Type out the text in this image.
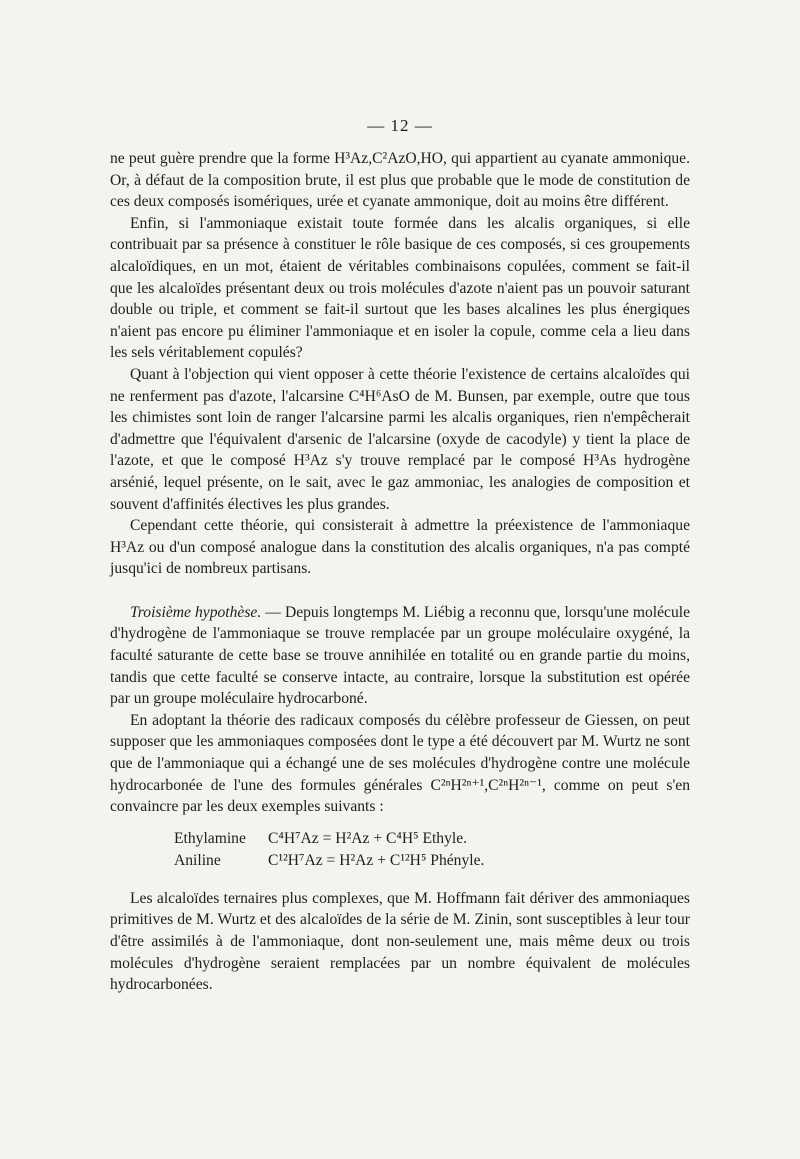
— 12 —

ne peut guère prendre que la forme H³Az,C²AzO,HO, qui appartient au cyanate ammonique. Or, à défaut de la composition brute, il est plus que probable que le mode de constitution de ces deux composés isomériques, urée et cyanate ammonique, doit au moins être différent.

Enfin, si l'ammoniaque existait toute formée dans les alcalis organiques, si elle contribuait par sa présence à constituer le rôle basique de ces composés, si ces groupements alcaloïdiques, en un mot, étaient de véritables combinaisons copulées, comment se fait-il que les alcaloïdes présentant deux ou trois molécules d'azote n'aient pas un pouvoir saturant double ou triple, et comment se fait-il surtout que les bases alcalines les plus énergiques n'aient pas encore pu éliminer l'ammoniaque et en isoler la copule, comme cela a lieu dans les sels véritablement copulés?

Quant à l'objection qui vient opposer à cette théorie l'existence de certains alcaloïdes qui ne renferment pas d'azote, l'alcarsine C⁴H⁶AsO de M. Bunsen, par exemple, outre que tous les chimistes sont loin de ranger l'alcarsine parmi les alcalis organiques, rien n'empêcherait d'admettre que l'équivalent d'arsenic de l'alcarsine (oxyde de cacodyle) y tient la place de l'azote, et que le composé H³Az s'y trouve remplacé par le composé H³As hydrogène arsénié, lequel présente, on le sait, avec le gaz ammoniac, les analogies de composition et souvent d'affinités électives les plus grandes.

Cependant cette théorie, qui consisterait à admettre la préexistence de l'ammoniaque H³Az ou d'un composé analogue dans la constitution des alcalis organiques, n'a pas compté jusqu'ici de nombreux partisans.

Troisième hypothèse. — Depuis longtemps M. Liébig a reconnu que, lorsqu'une molécule d'hydrogène de l'ammoniaque se trouve remplacée par un groupe moléculaire oxygéné, la faculté saturante de cette base se trouve annihilée en totalité ou en grande partie du moins, tandis que cette faculté se conserve intacte, au contraire, lorsque la substitution est opérée par un groupe moléculaire hydrocarboné.

En adoptant la théorie des radicaux composés du célèbre professeur de Giessen, on peut supposer que les ammoniaques composées dont le type a été découvert par M. Wurtz ne sont que de l'ammoniaque qui a échangé une de ses molécules d'hydrogène contre une molécule hydrocarbonée de l'une des formules générales C²ⁿH²ⁿ⁺¹,C²ⁿH²ⁿ⁻¹, comme on peut s'en convaincre par les deux exemples suivants :

Ethylamine	C⁴H⁷Az = H²Az + C⁴H⁵ Ethyle.
Aniline	C¹²H⁷Az = H²Az + C¹²H⁵ Phényle.

Les alcaloïdes ternaires plus complexes, que M. Hoffmann fait dériver des ammoniaques primitives de M. Wurtz et des alcaloïdes de la série de M. Zinin, sont susceptibles à leur tour d'être assimilés à de l'ammoniaque, dont non-seulement une, mais même deux ou trois molécules d'hydrogène seraient remplacées par un nombre équivalent de molécules hydrocarbonées.
